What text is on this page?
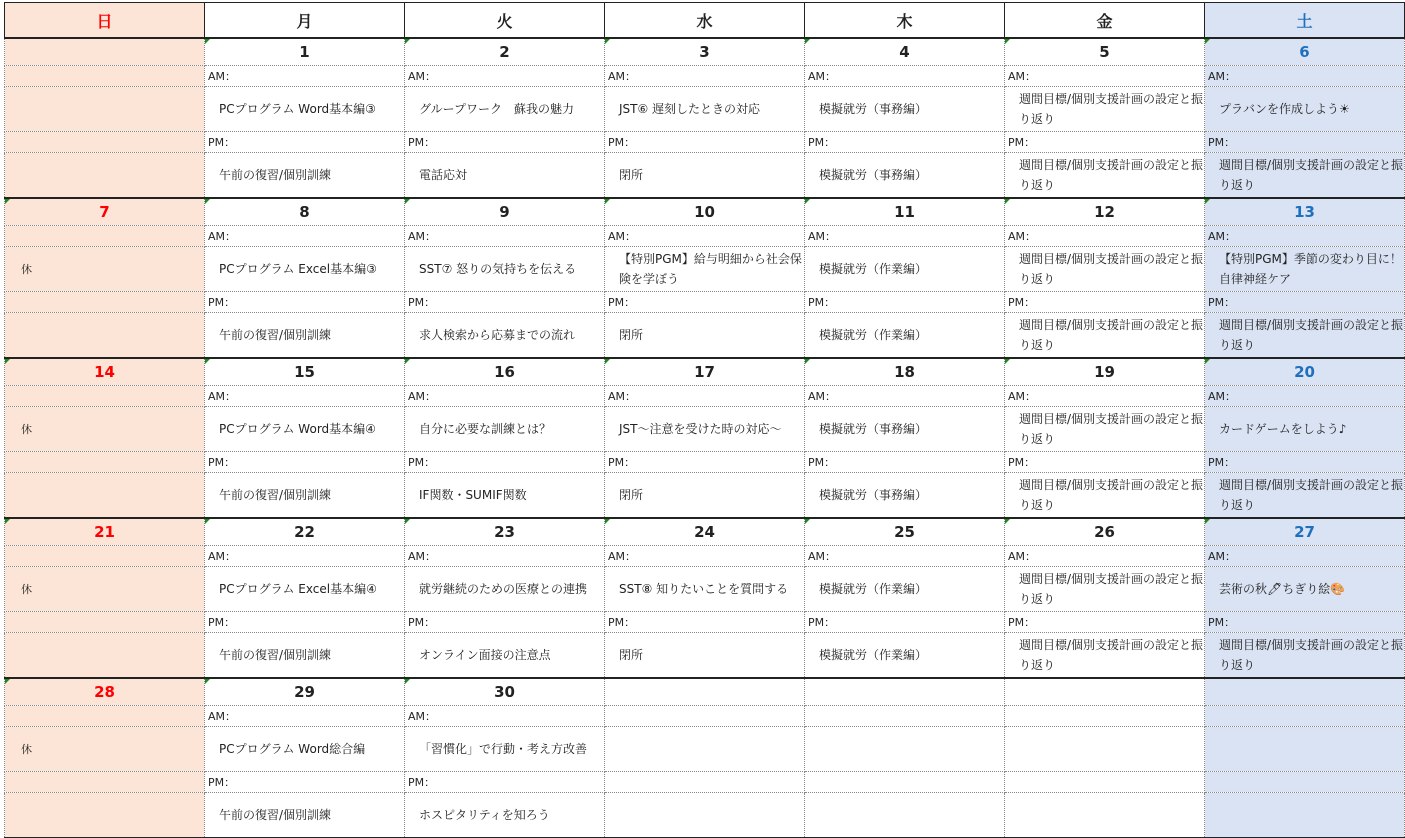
日	月	火	水	木	金	土
	1	2	3	4	5	6

	AM：	AM：	AM：	AM：	AM：	AM：
	PCプログラム Word基本編③	グループワーク　蘇我の魅力	JST⑥ 遅刻したときの対応	模擬就労（事務編）	週間目標/個別支援計画の設定と振り返り	プラバンを作成しよう☀
	PM：	PM：	PM：	PM：	PM：	PM：
	午前の復習/個別訓練	電話応対	閉所	模擬就労（事務編）	週間目標/個別支援計画の設定と振り返り	週間目標/個別支援計画の設定と振り返り
7	8	9	10	11	12	13

	AM：	AM：	AM：	AM：	AM：	AM：
休	PCプログラム Excel基本編③	SST⑦ 怒りの気持ちを伝える	【特別PGM】給与明細から社会保険を学ぼう	模擬就労（作業編）	週間目標/個別支援計画の設定と振り返り	【特別PGM】季節の変わり目に！自律神経ケア
	PM：	PM：	PM：	PM：	PM：	PM：
	午前の復習/個別訓練	求人検索から応募までの流れ	閉所	模擬就労（作業編）	週間目標/個別支援計画の設定と振り返り	週間目標/個別支援計画の設定と振り返り
14	15	16	17	18	19	20

	AM：	AM：	AM：	AM：	AM：	AM：
休	PCプログラム Word基本編④	自分に必要な訓練とは？	JST～注意を受けた時の対応～	模擬就労（事務編）	週間目標/個別支援計画の設定と振り返り	カードゲームをしよう♪
	PM：	PM：	PM：	PM：	PM：	PM：
	午前の復習/個別訓練	IF関数・SUMIF関数	閉所	模擬就労（事務編）	週間目標/個別支援計画の設定と振り返り	週間目標/個別支援計画の設定と振り返り
21	22	23	24	25	26	27

	AM：	AM：	AM：	AM：	AM：	AM：
休	PCプログラム Excel基本編④	就労継続のための医療との連携	SST⑧ 知りたいことを質問する	模擬就労（作業編）	週間目標/個別支援計画の設定と振り返り	芸術の秋🖊ちぎり絵🎨
	PM：	PM：	PM：	PM：	PM：	PM：
	午前の復習/個別訓練	オンライン面接の注意点	閉所	模擬就労（作業編）	週間目標/個別支援計画の設定と振り返り	週間目標/個別支援計画の設定と振り返り
28	29	30

	AM：	AM：				
休	PCプログラム Word総合編	「習慣化」で行動・考え方改善				
	PM：	PM：				
	午前の復習/個別訓練	ホスピタリティを知ろう				
